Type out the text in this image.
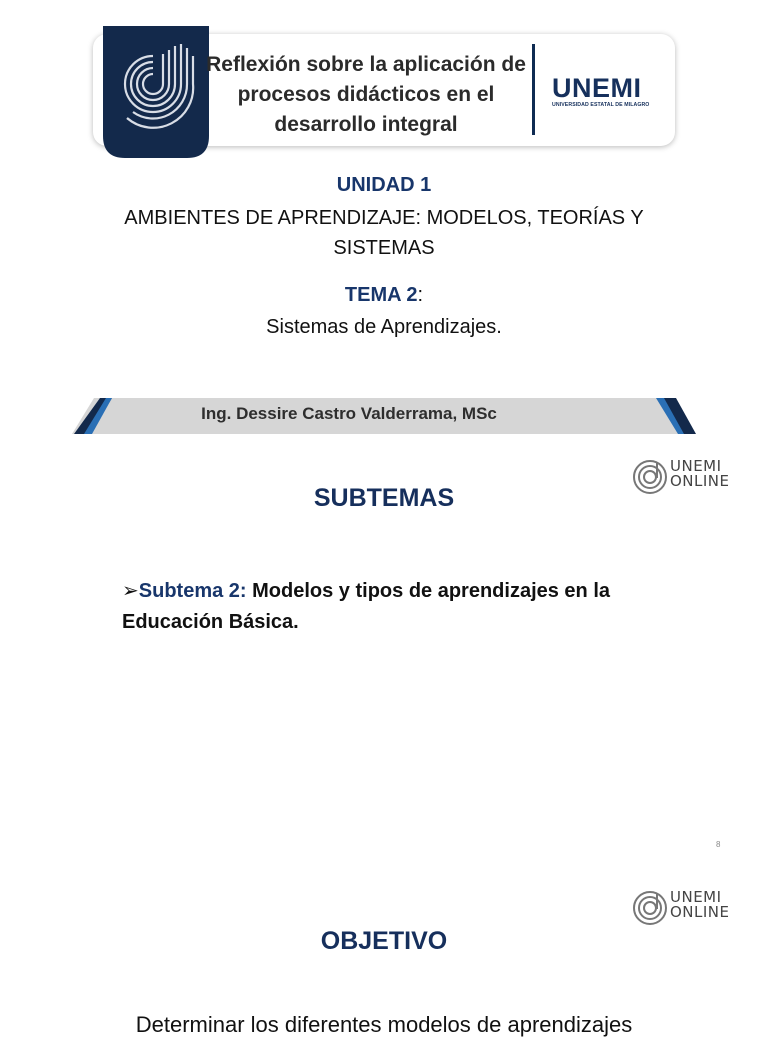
Reflexión sobre la aplicación de procesos didácticos en el desarrollo integral
UNEMI
UNIVERSIDAD ESTATAL DE MILAGRO
UNIDAD 1
AMBIENTES DE APRENDIZAJE: MODELOS, TEORÍAS Y SISTEMAS
TEMA 2:
Sistemas de Aprendizajes.
Ing. Dessire Castro Valderrama, MSc
UNEMI
ONLINE
SUBTEMAS
➢Subtema 2: Modelos y tipos de aprendizajes en la Educación Básica.
8
UNEMI
ONLINE
OBJETIVO
Determinar los diferentes modelos de aprendizajes
